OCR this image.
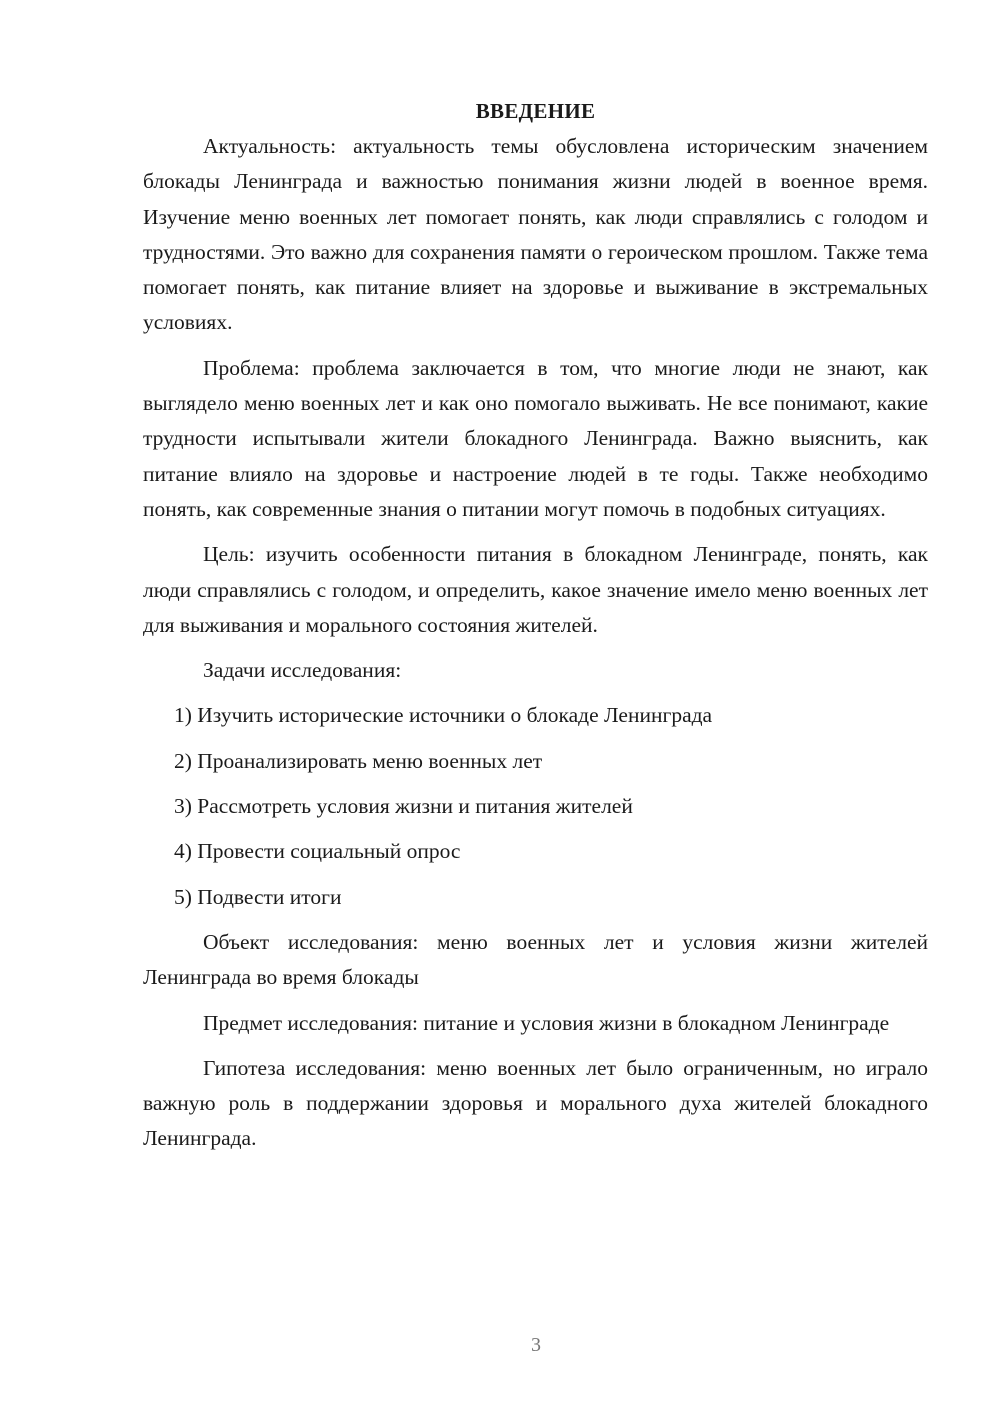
ВВЕДЕНИЕ

Актуальность: актуальность темы обусловлена историческим значением блокады Ленинграда и важностью понимания жизни людей в военное время. Изучение меню военных лет помогает понять, как люди справлялись с голодом и трудностями. Это важно для сохранения памяти о героическом прошлом. Также тема помогает понять, как питание влияет на здоровье и выживание в экстремальных условиях.

Проблема: проблема заключается в том, что многие люди не знают, как выглядело меню военных лет и как оно помогало выживать. Не все понимают, какие трудности испытывали жители блокадного Ленинграда. Важно выяснить, как питание влияло на здоровье и настроение людей в те годы. Также необходимо понять, как современные знания о питании могут помочь в подобных ситуациях.

Цель: изучить особенности питания в блокадном Ленинграде, понять, как люди справлялись с голодом, и определить, какое значение имело меню военных лет для выживания и морального состояния жителей.

Задачи исследования:

1) Изучить исторические источники о блокаде Ленинграда
2) Проанализировать меню военных лет
3) Рассмотреть условия жизни и питания жителей
4) Провести социальный опрос
5) Подвести итоги

Объект исследования: меню военных лет и условия жизни жителей Ленинграда во время блокады

Предмет исследования: питание и условия жизни в блокадном Ленинграде

Гипотеза исследования: меню военных лет было ограниченным, но играло важную роль в поддержании здоровья и морального духа жителей блокадного Ленинграда.

3
